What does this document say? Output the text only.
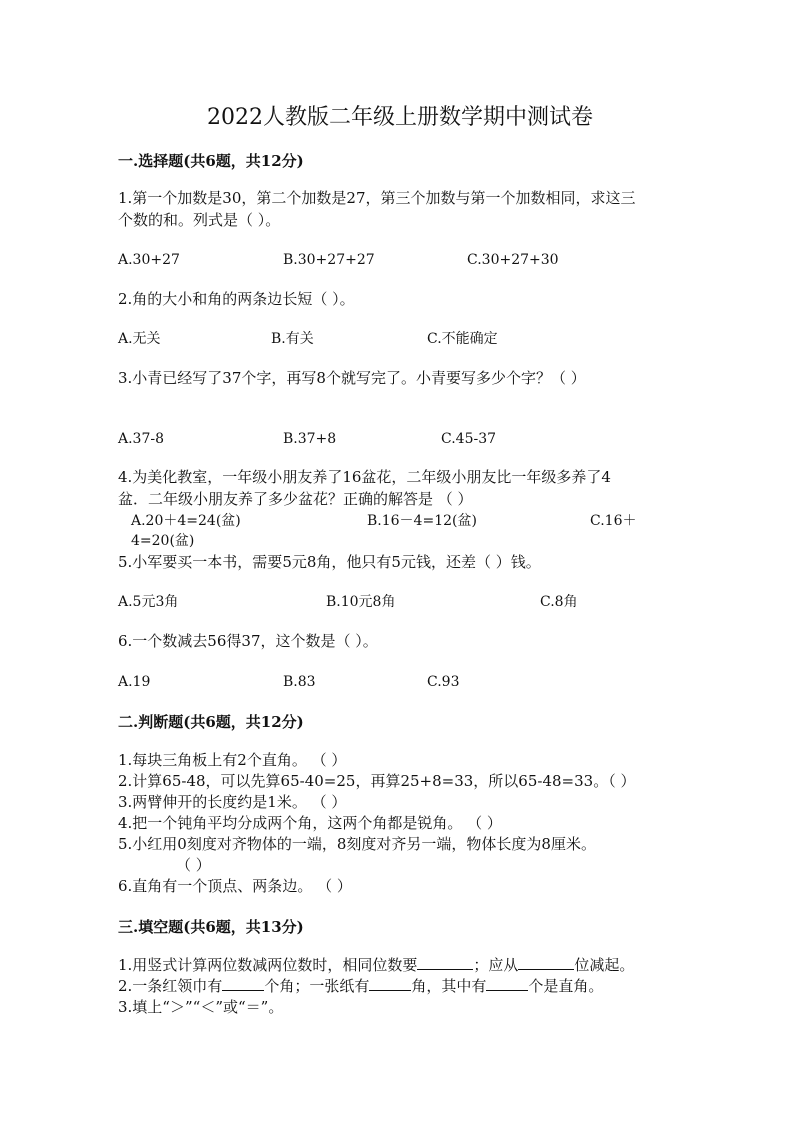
2022人教版二年级上册数学期中测试卷
一.选择题(共6题，共12分)
1.第一个加数是30，第二个加数是27，第三个加数与第一个加数相同，求这三
个数的和。列式是（ ）。
A.30+27	B.30+27+27	C.30+27+30
2.角的大小和角的两条边长短（ ）。
A.无关	B.有关	C.不能确定
3.小青已经写了37个字，再写8个就写完了。小青要写多少个字？（ ）
A.37-8	B.37+8	C.45-37
4.为美化教室，一年级小朋友养了16盆花，二年级小朋友比一年级多养了4
盆．二年级小朋友养了多少盆花？正确的解答是 （ ）
A.20＋4=24(盆)	B.16－4=12(盆)	C.16＋
4=20(盆)
5.小军要买一本书，需要5元8角，他只有5元钱，还差（ ）钱。
A.5元3角	B.10元8角	C.8角
6.一个数减去56得37，这个数是（ ）。
A.19	B.83	C.93
二.判断题(共6题，共12分)
1.每块三角板上有2个直角。 （ ）
2.计算65-48，可以先算65-40=25，再算25+8=33，所以65-48=33。（ ）
3.两臂伸开的长度约是1米。 （ ）
4.把一个钝角平均分成两个角，这两个角都是锐角。 （ ）
5.小红用0刻度对齐物体的一端，8刻度对齐另一端，物体长度为8厘米。
（ ）
6.直角有一个顶点、两条边。 （ ）
三.填空题(共6题，共13分)
1.用竖式计算两位数减两位数时，相同位数要	；应从	位减起。
2.一条红领巾有	个角；一张纸有	角，其中有	个是直角。
3.填上“＞”“＜”或“＝”。
